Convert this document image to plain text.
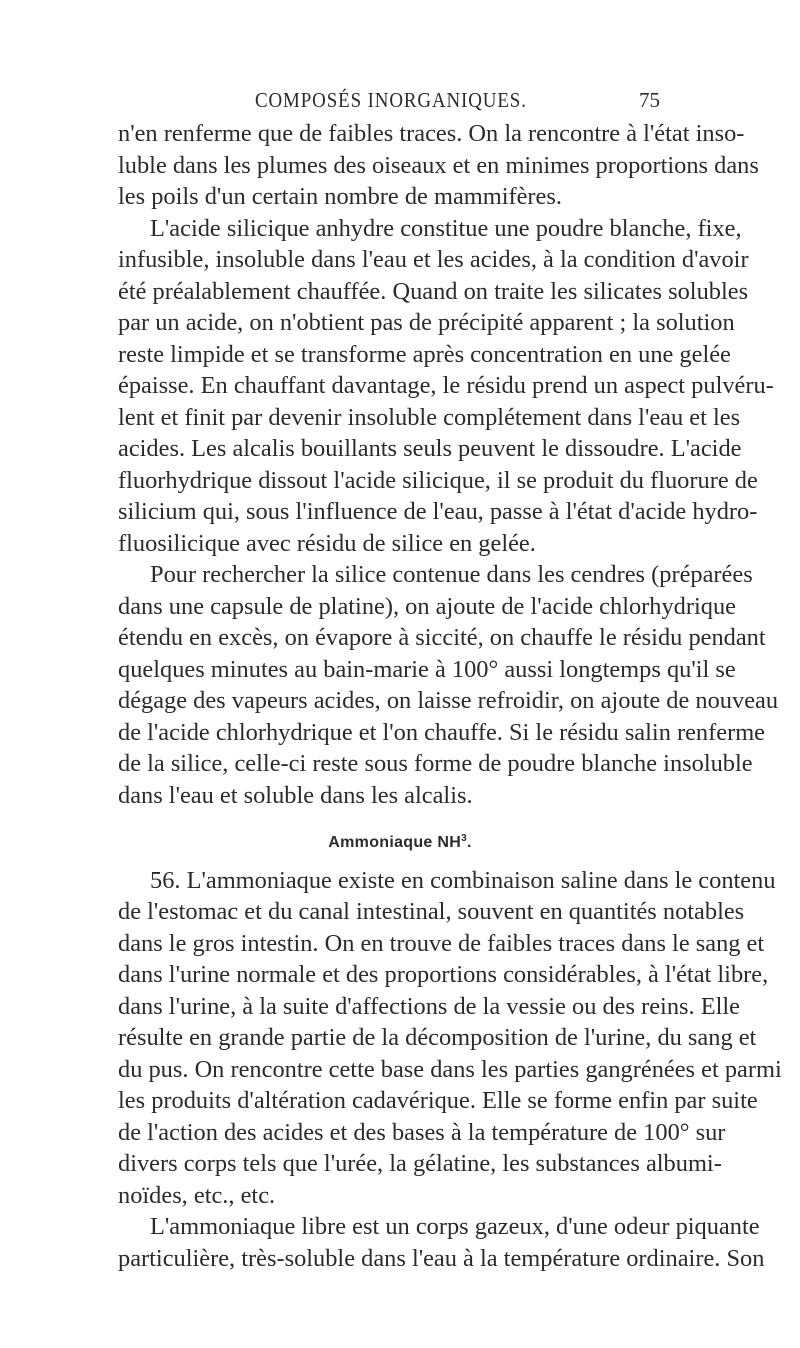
COMPOSÉS INORGANIQUES.	75
n'en renferme que de faibles traces. On la rencontre à l'état inso-
luble dans les plumes des oiseaux et en minimes proportions dans
les poils d'un certain nombre de mammifères.
L'acide silicique anhydre constitue une poudre blanche, fixe,
infusible, insoluble dans l'eau et les acides, à la condition d'avoir
été préalablement chauffée. Quand on traite les silicates solubles
par un acide, on n'obtient pas de précipité apparent ; la solution
reste limpide et se transforme après concentration en une gelée
épaisse. En chauffant davantage, le résidu prend un aspect pulvéru-
lent et finit par devenir insoluble complétement dans l'eau et les
acides. Les alcalis bouillants seuls peuvent le dissoudre. L'acide
fluorhydrique dissout l'acide silicique, il se produit du fluorure de
silicium qui, sous l'influence de l'eau, passe à l'état d'acide hydro-
fluosilicique avec résidu de silice en gelée.
Pour rechercher la silice contenue dans les cendres (préparées
dans une capsule de platine), on ajoute de l'acide chlorhydrique
étendu en excès, on évapore à siccité, on chauffe le résidu pendant
quelques minutes au bain-marie à 100° aussi longtemps qu'il se
dégage des vapeurs acides, on laisse refroidir, on ajoute de nouveau
de l'acide chlorhydrique et l'on chauffe. Si le résidu salin renferme
de la silice, celle-ci reste sous forme de poudre blanche insoluble
dans l'eau et soluble dans les alcalis.
Ammoniaque $NH^3$.
56. L'ammoniaque existe en combinaison saline dans le contenu
de l'estomac et du canal intestinal, souvent en quantités notables
dans le gros intestin. On en trouve de faibles traces dans le sang et
dans l'urine normale et des proportions considérables, à l'état libre,
dans l'urine, à la suite d'affections de la vessie ou des reins. Elle
résulte en grande partie de la décomposition de l'urine, du sang et
du pus. On rencontre cette base dans les parties gangrénées et parmi
les produits d'altération cadavérique. Elle se forme enfin par suite
de l'action des acides et des bases à la température de 100° sur
divers corps tels que l'urée, la gélatine, les substances albumi-
noïdes, etc., etc.
L'ammoniaque libre est un corps gazeux, d'une odeur piquante
particulière, très-soluble dans l'eau à la température ordinaire. Son
